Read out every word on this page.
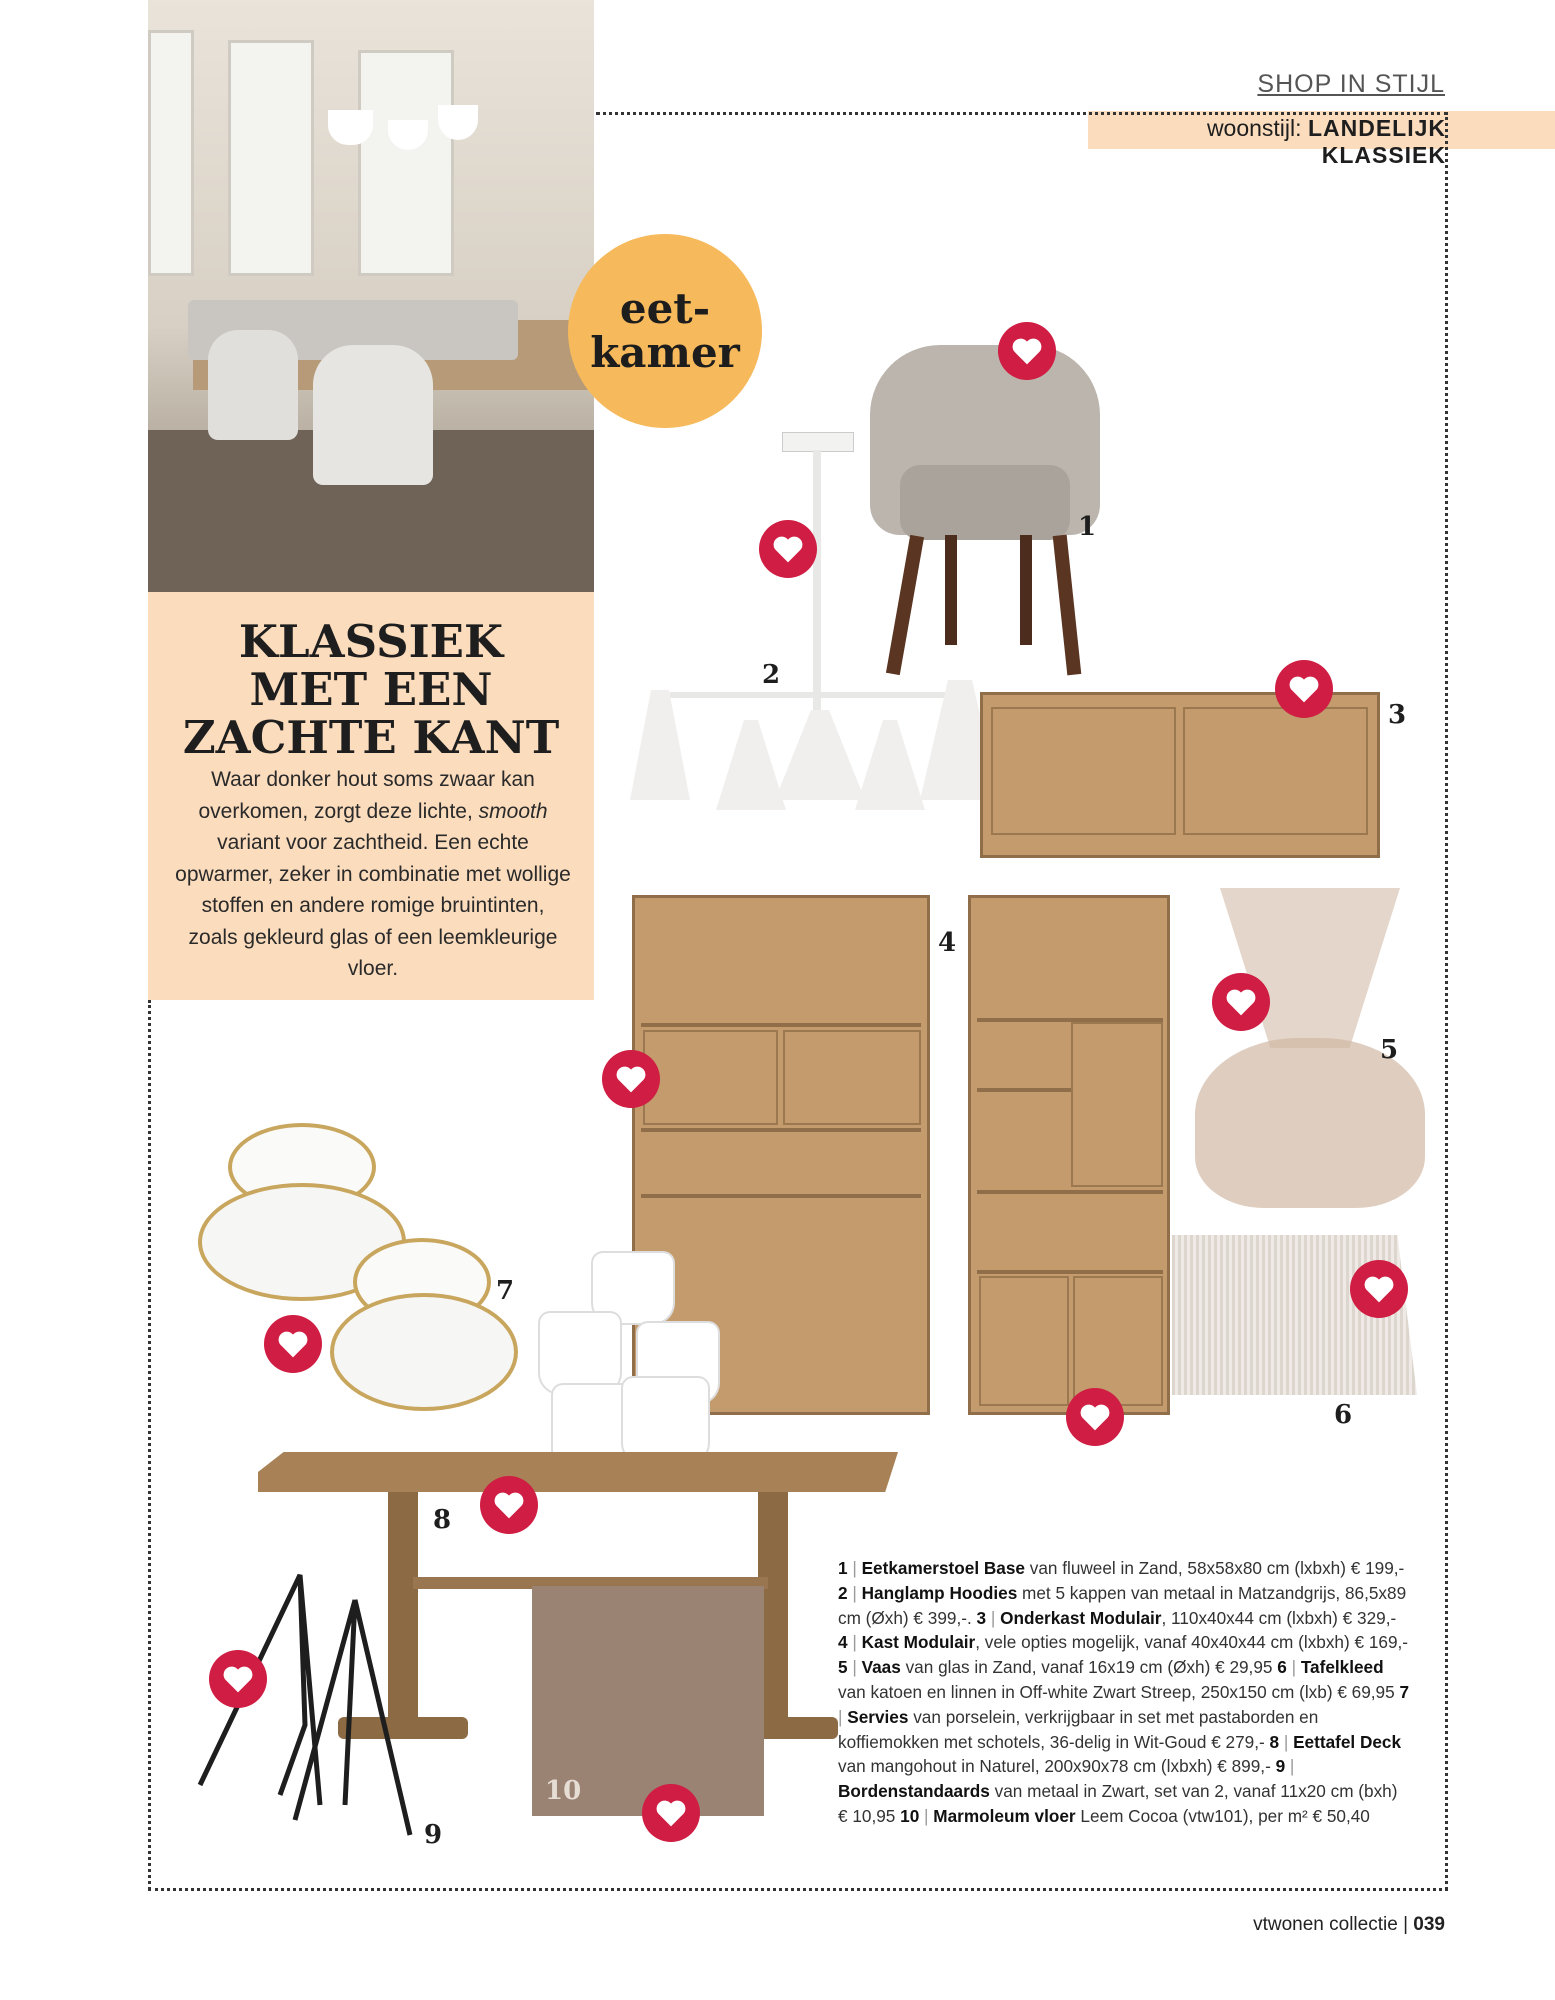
KLASSIEK
MET EEN
ZACHTE KANT
Waar donker hout soms zwaar kan overkomen, zorgt deze lichte, smooth variant voor zachtheid. Een echte opwarmer, zeker in combinatie met wollige stoffen en andere romige bruintinten, zoals gekleurd glas of een leemkleurige vloer.
eet-
kamer
SHOP IN STIJL
woonstijl: LANDELIJK KLASSIEK
1
2
3
4
5
6
7
8
9
10
1 | Eetkamerstoel Base van fluweel in Zand, 58x58x80 cm (lxbxh) € 199,- 2 | Hanglamp Hoodies met 5 kappen van metaal in Matzandgrijs, 86,5x89 cm (Øxh) € 399,-. 3 | Onderkast Modulair, 110x40x44 cm (lxbxh) € 329,- 4 | Kast Modulair, vele opties mogelijk, vanaf 40x40x44 cm (lxbxh) € 169,- 5 | Vaas van glas in Zand, vanaf 16x19 cm (Øxh) € 29,95 6 | Tafelkleed van katoen en linnen in Off-white Zwart Streep, 250x150 cm (lxb) € 69,95 7 | Servies van porselein, verkrijgbaar in set met pastaborden en koffiemokken met schotels, 36-delig in Wit-Goud € 279,- 8 | Eettafel Deck van mangohout in Naturel, 200x90x78 cm (lxbxh) € 899,- 9 | Bordenstandaards van metaal in Zwart, set van 2, vanaf 11x20 cm (bxh) € 10,95 10 | Marmoleum vloer Leem Cocoa (vtw101), per m² € 50,40
vtwonen collectie | 039
